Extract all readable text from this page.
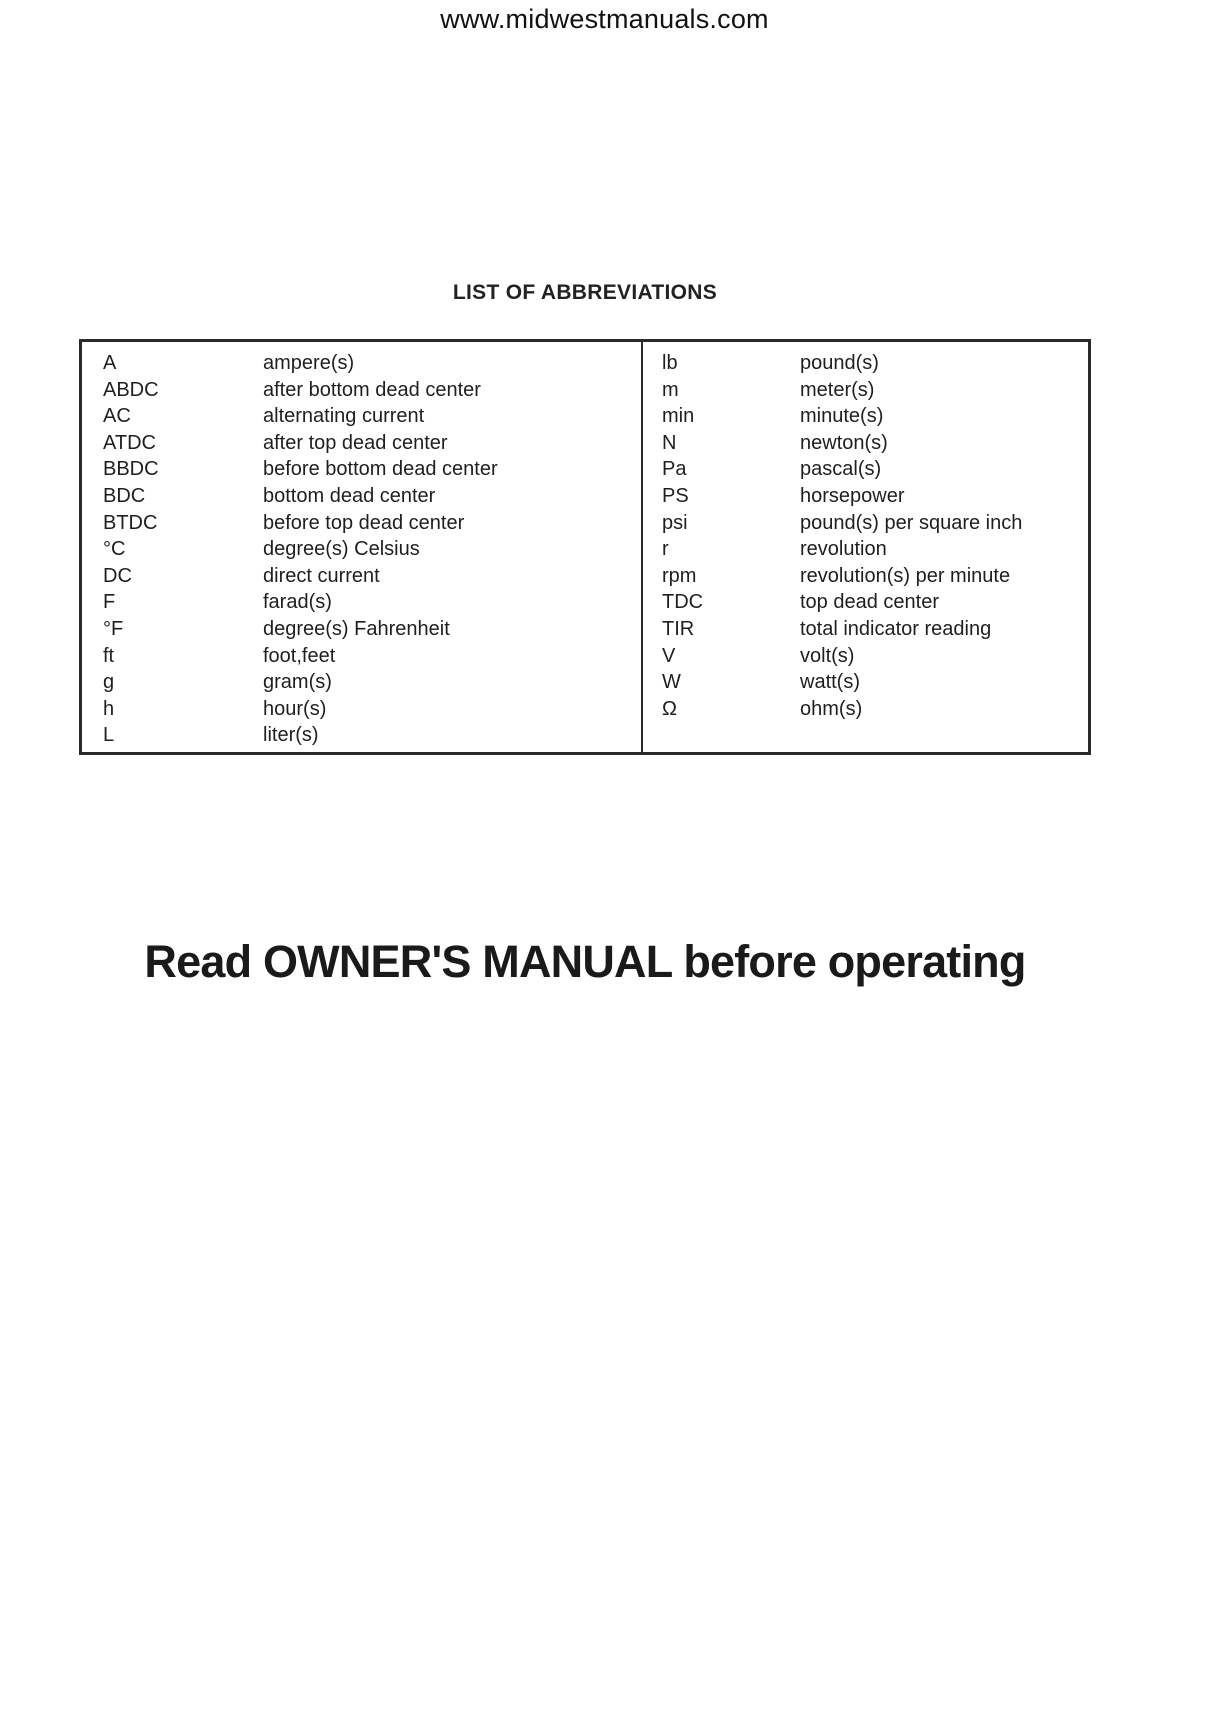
www.midwestmanuals.com
LIST OF ABBREVIATIONS
A	ampere(s)
ABDC	after bottom dead center
AC	alternating current
ATDC	after top dead center
BBDC	before bottom dead center
BDC	bottom dead center
BTDC	before top dead center
°C	degree(s) Celsius
DC	direct current
F	farad(s)
°F	degree(s) Fahrenheit
ft	foot,feet
g	gram(s)
h	hour(s)
L	liter(s)
lb	pound(s)
m	meter(s)
min	minute(s)
N	newton(s)
Pa	pascal(s)
PS	horsepower
psi	pound(s) per square inch
r	revolution
rpm	revolution(s) per minute
TDC	top dead center
TIR	total indicator reading
V	volt(s)
W	watt(s)
Ω	ohm(s)
Read OWNER'S MANUAL before operating
